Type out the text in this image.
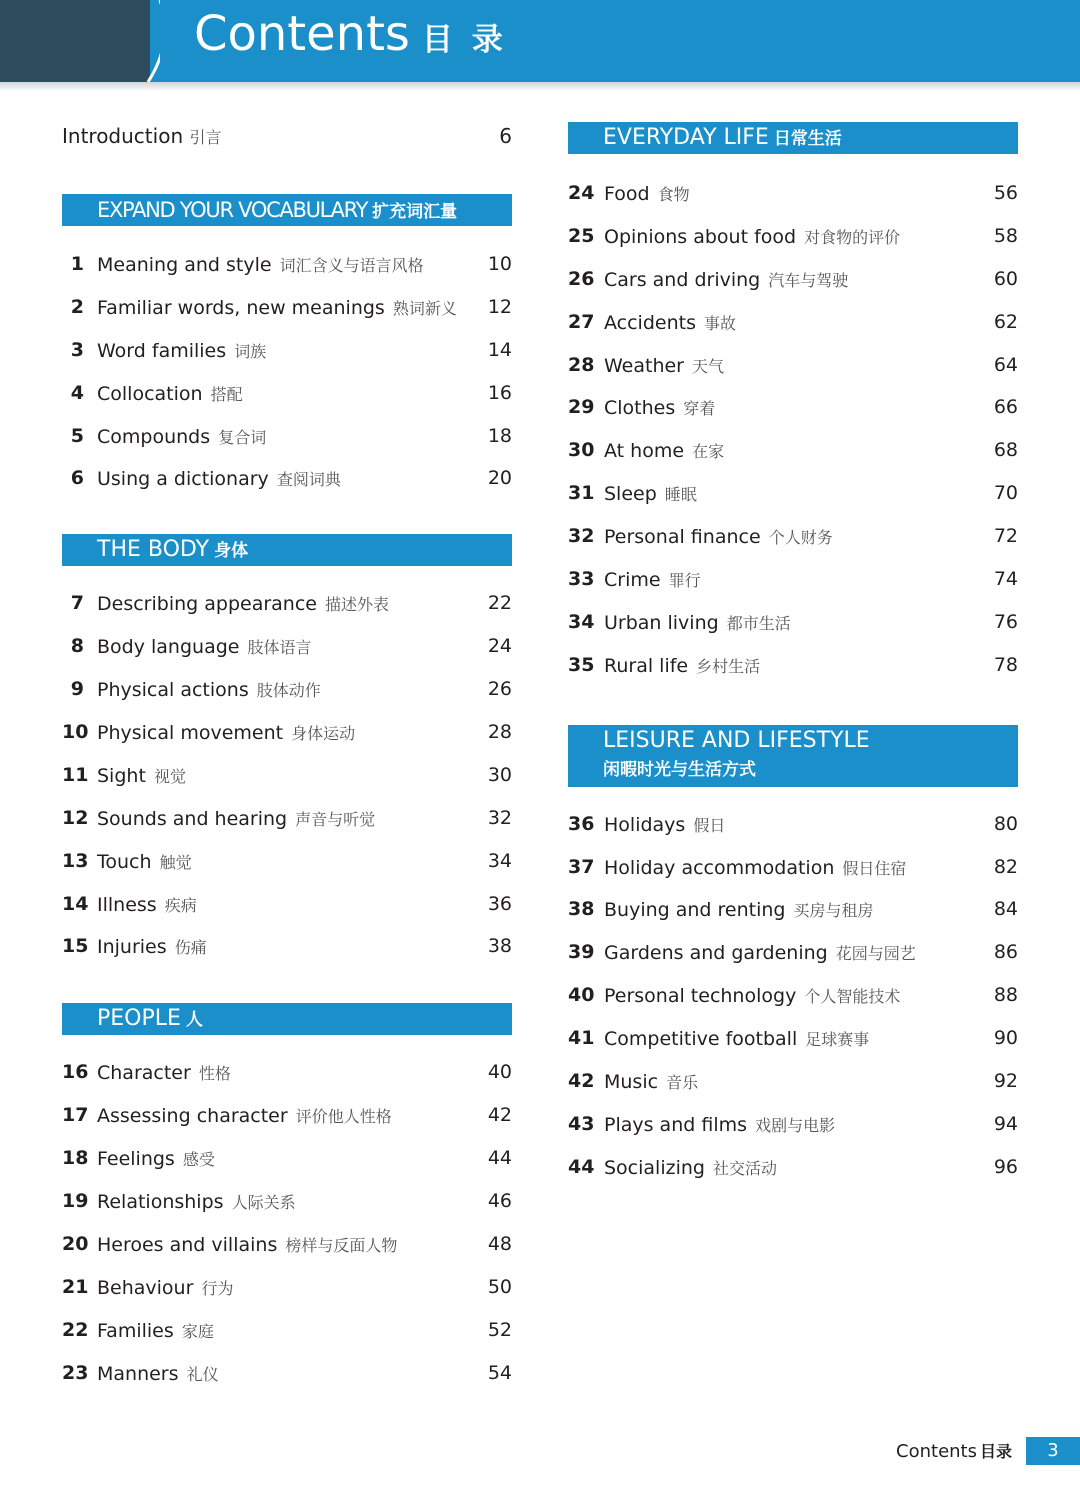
Contents 目 录
Introduction 引言	6
EXPAND YOUR VOCABULARY 扩充词汇量
1 Meaning and style 词汇含义与语言风格	10
2 Familiar words, new meanings 熟词新义 12
3 Word families 词族	14
4 Collocation 搭配	16
5 Compounds 复合词	18
6 Using a dictionary 查阅词典	20
THE BODY 身体
7 Describing appearance 描述外表	22
8 Body language 肢体语言	24
9 Physical actions 肢体动作	26
10 Physical movement 身体运动	28
11 Sight 视觉	30
12 Sounds and hearing 声音与听觉	32
13 Touch 触觉	34
14 Illness 疾病	36
15 Injuries 伤痛	38
PEOPLE 人
16 Character 性格	40
17 Assessing character 评价他人性格	42
18 Feelings 感受	44
19 Relationships 人际关系	46
20 Heroes and villains 榜样与反面人物	48
21 Behaviour 行为	50
22 Families 家庭	52
23 Manners 礼仪	54
EVERYDAY LIFE 日常生活
24 Food 食物	56
25 Opinions about food 对食物的评价	58
26 Cars and driving 汽车与驾驶	60
27 Accidents 事故	62
28 Weather 天气	64
29 Clothes 穿着	66
30 At home 在家	68
31 Sleep 睡眠	70
32 Personal finance 个人财务	72
33 Crime 罪行	74
34 Urban living 都市生活	76
35 Rural life 乡村生活	78
LEISURE AND LIFESTYLE
闲暇时光与生活方式
36 Holidays 假日	80
37 Holiday accommodation 假日住宿	82
38 Buying and renting 买房与租房	84
39 Gardens and gardening 花园与园艺	86
40 Personal technology 个人智能技术	88
41 Competitive football 足球赛事	90
42 Music 音乐	92
43 Plays and films 戏剧与电影	94
44 Socializing 社交活动	96
Contents 目录	3
